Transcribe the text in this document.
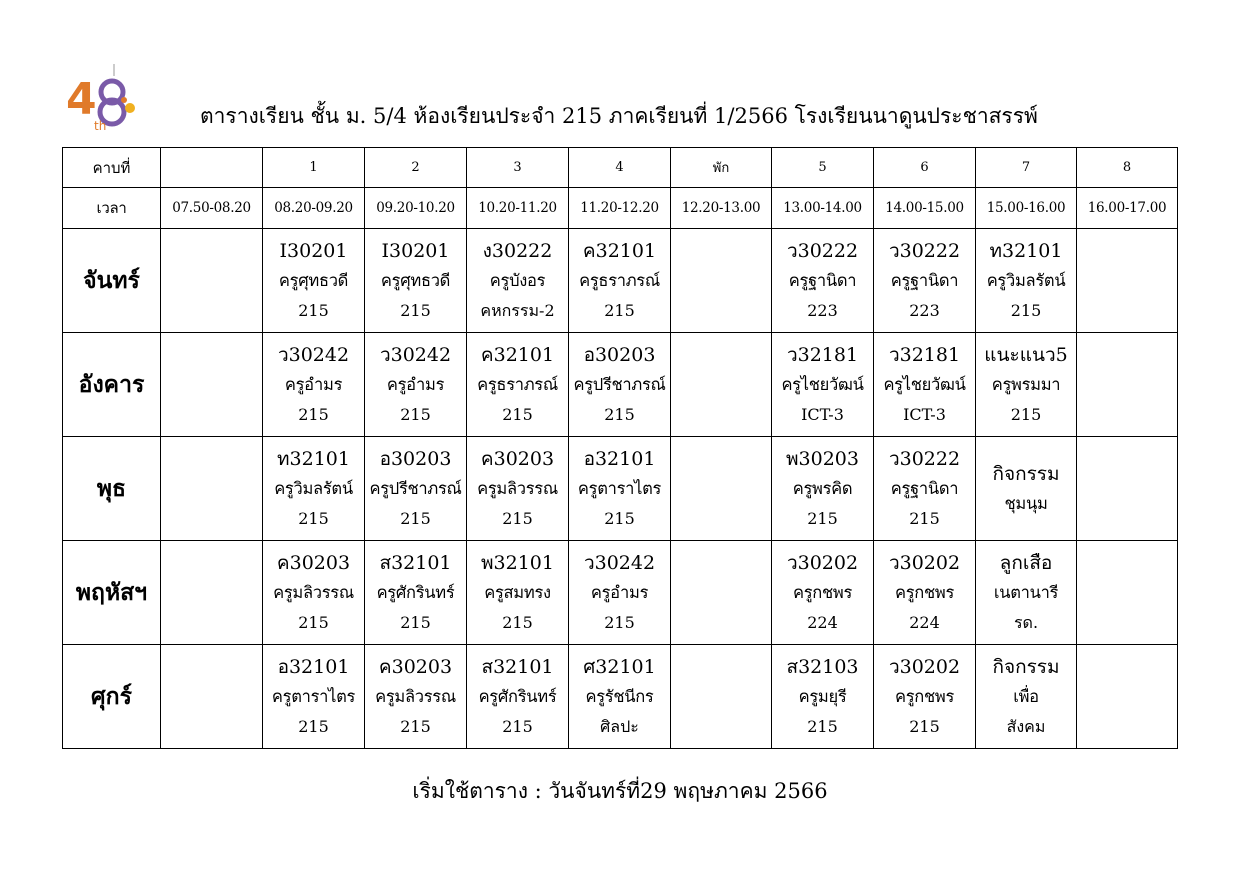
4
th	ตารางเรียน ชั้น ม. 5/4 ห้องเรียนประจำ 215 ภาคเรียนที่ 1/2566 โรงเรียนนาดูนประชาสรรพ์
คาบที่		1	2	3	4	พัก	5	6	7	8
เวลา	07.50-08.20	08.20-09.20	09.20-10.20	10.20-11.20	11.20-12.20	12.20-13.00	13.00-14.00	14.00-15.00	15.00-16.00	16.00-17.00
จันทร์		I30201
ครูศุทธวดี
215	I30201
ครูศุทธวดี
215	ง30222
ครูบังอร
คหกรรม-2	ค32101
ครูธราภรณ์
215		ว30222
ครูฐานิดา
223	ว30222
ครูฐานิดา
223	ท32101
ครูวิมลรัตน์
215	

อังคาร		ว30242
ครูอำมร
215	ว30242
ครูอำมร
215	ค32101
ครูธราภรณ์
215	อ30203
ครูปรีชาภรณ์
215		ว32181
ครูไชยวัฒน์
ICT-3	ว32181
ครูไชยวัฒน์
ICT-3	แนะแนว5
ครูพรมมา
215	

พุธ		ท32101
ครูวิมลรัตน์
215	อ30203
ครูปรีชาภรณ์
215	ค30203
ครูมลิวรรณ
215	อ32101
ครูตาราไตร
215		พ30203
ครูพรคิด
215	ว30222
ครูฐานิดา
215	กิจกรรม
ชุมนุม	

พฤหัสฯ		ค30203
ครูมลิวรรณ
215	ส32101
ครูศักรินทร์
215	พ32101
ครูสมทรง
215	ว30242
ครูอำมร
215		ว30202
ครูกชพร
224	ว30202
ครูกชพร
224	ลูกเสือ
เนตานารี
รด.	

ศุกร์		อ32101
ครูตาราไตร
215	ค30203
ครูมลิวรรณ
215	ส32101
ครูศักรินทร์
215	ศ32101
ครูรัชนีกร
ศิลปะ		ส32103
ครูมยุรี
215	ว30202
ครูกชพร
215	กิจกรรม
เพื่อ
สังคม	

เริ่มใช้ตาราง : วันจันทร์ที่29 พฤษภาคม 2566
